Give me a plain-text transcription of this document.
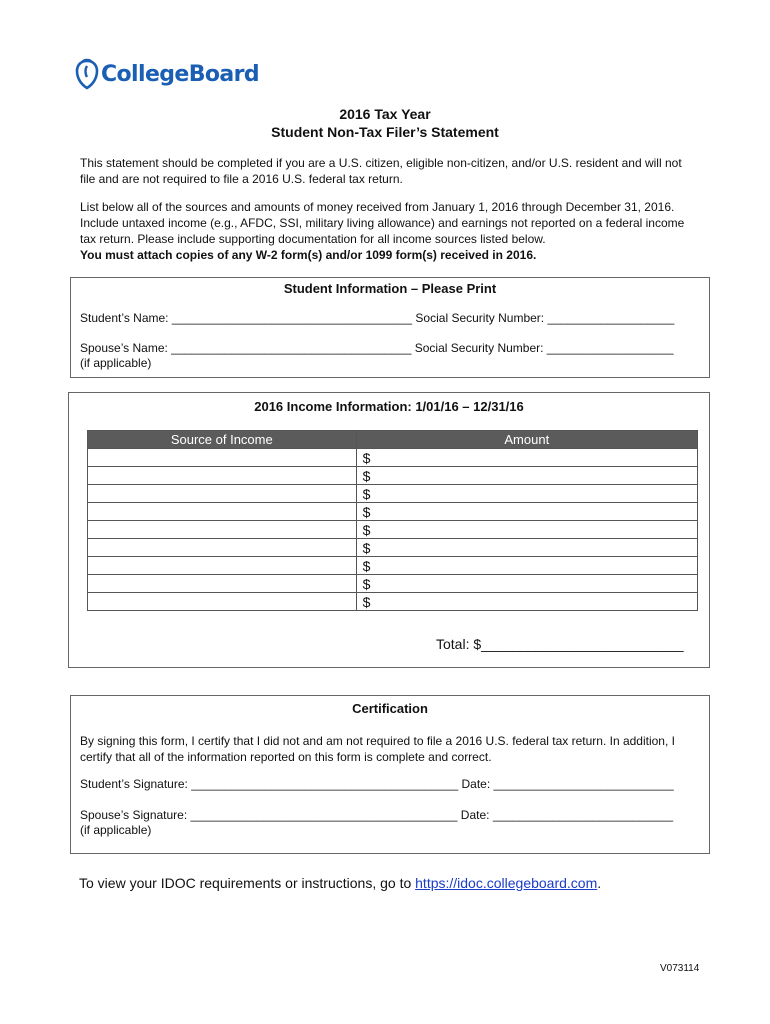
CollegeBoard
2016 Tax Year
Student Non-Tax Filer’s Statement
This statement should be completed if you are a U.S. citizen, eligible non-citizen, and/or U.S. resident and will not file and are not required to file a 2016 U.S. federal tax return.
List below all of the sources and amounts of money received from January 1, 2016 through December 31, 2016. Include untaxed income (e.g., AFDC, SSI, military living allowance) and earnings not reported on a federal income tax return. Please include supporting documentation for all income sources listed below.
You must attach copies of any W-2 form(s) and/or 1099 form(s) received in 2016.
Student Information – Please Print
Student’s Name: ____________________________________ Social Security Number: ___________________
Spouse’s Name: ____________________________________ Social Security Number: ___________________
(if applicable)
2016 Income Information: 1/01/16 – 12/31/16
Total: $__________________________
Source of Income	Amount
	$
	$
	$
	$
	$
	$
	$
	$
	$
Certification
By signing this form, I certify that I did not and am not required to file a 2016 U.S. federal tax return. In addition, I certify that all of the information reported on this form is complete and correct.
Student’s Signature: ________________________________________ Date: ___________________________
Spouse’s Signature: ________________________________________ Date: ___________________________
(if applicable)
To view your IDOC requirements or instructions, go to https://idoc.collegeboard.com.
V073114
